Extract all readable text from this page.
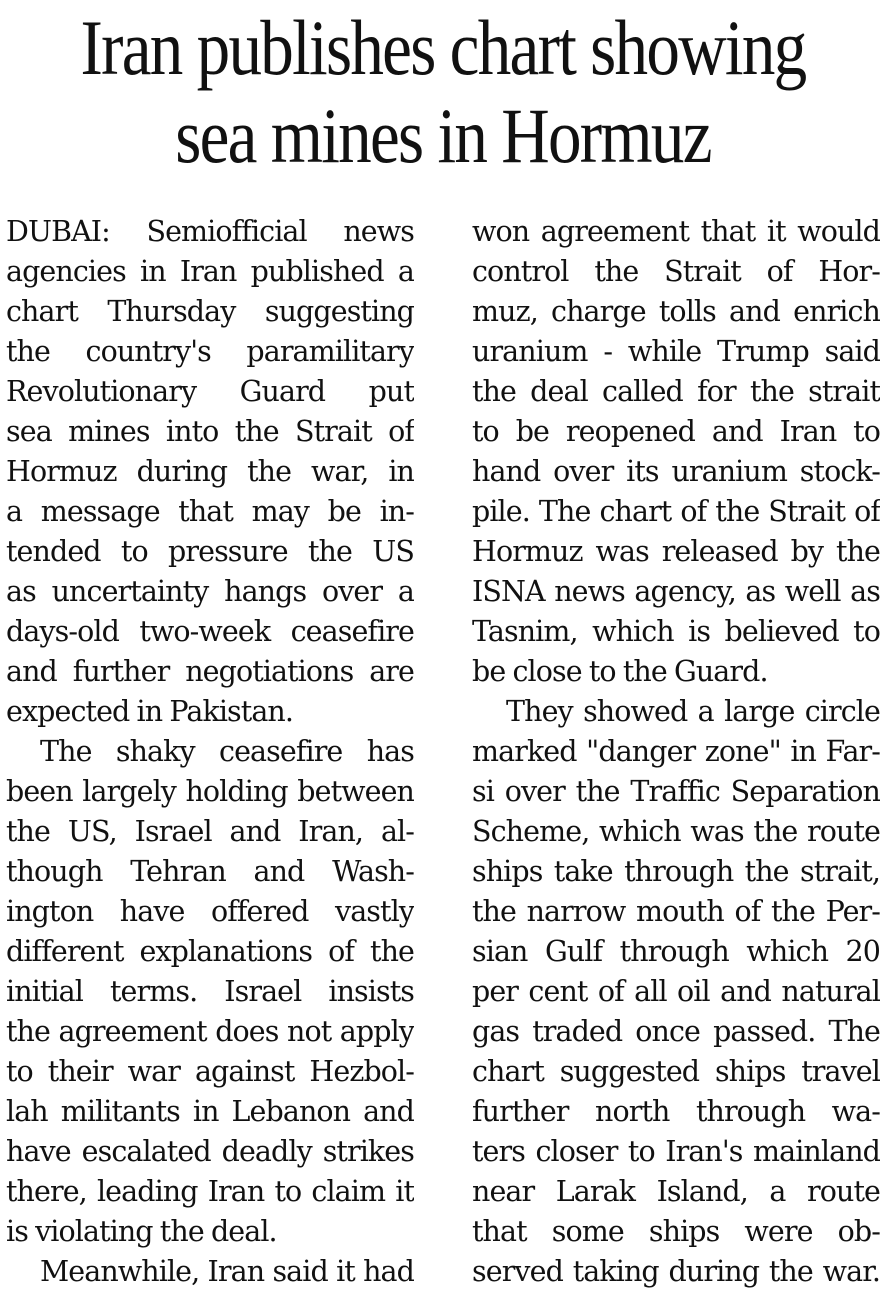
Iran publishes chart showing
sea mines in Hormuz
DUBAI: Semiofficial news
agencies in Iran published a
chart Thursday suggesting
the country's paramilitary
Revolutionary Guard put
sea mines into the Strait of
Hormuz during the war, in
a message that may be in-
tended to pressure the US
as uncertainty hangs over a
days-old two-week ceasefire
and further negotiations are
expected in Pakistan.
The shaky ceasefire has
been largely holding between
the US, Israel and Iran, al-
though Tehran and Wash-
ington have offered vastly
different explanations of the
initial terms. Israel insists
the agreement does not apply
to their war against Hezbol-
lah militants in Lebanon and
have escalated deadly strikes
there, leading Iran to claim it
is violating the deal.
Meanwhile, Iran said it had
won agreement that it would
control the Strait of Hor-
muz, charge tolls and enrich
uranium - while Trump said
the deal called for the strait
to be reopened and Iran to
hand over its uranium stock-
pile. The chart of the Strait of
Hormuz was released by the
ISNA news agency, as well as
Tasnim, which is believed to
be close to the Guard.
They showed a large circle
marked "danger zone" in Far-
si over the Traffic Separation
Scheme, which was the route
ships take through the strait,
the narrow mouth of the Per-
sian Gulf through which 20
per cent of all oil and natural
gas traded once passed. The
chart suggested ships travel
further north through wa-
ters closer to Iran's mainland
near Larak Island, a route
that some ships were ob-
served taking during the war.
